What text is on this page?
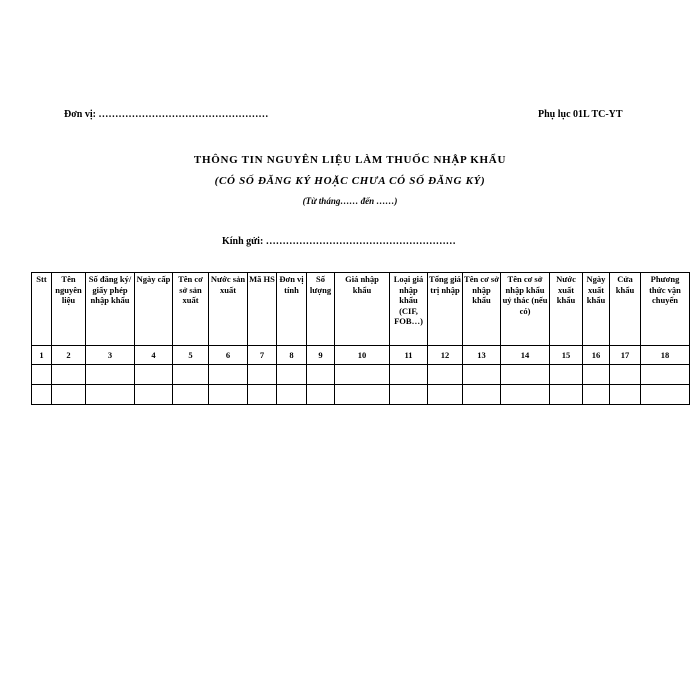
Đơn vị: ……………………………………………	Phụ lục 01L TC-YT
THÔNG TIN NGUYÊN LIỆU LÀM THUỐC NHẬP KHẨU
(CÓ SỐ ĐĂNG KÝ HOẶC CHƯA CÓ SỐ ĐĂNG KÝ)
(Từ tháng…… đến ……)
Kính gửi: …………………………………………………
Stt	Tên nguyên liệu	Số đăng ký/ giấy phép nhập khẩu	Ngày cấp	Tên cơ sở sản xuất	Nước sản xuất	Mã HS	Đơn vị tính	Số lượng	Giá nhập khẩu	Loại giá nhập khẩu (CIF, FOB…)	Tổng giá trị nhập	Tên cơ sở nhập khẩu	Tên cơ sở nhập khẩu uỷ thác (nếu có)	Nước xuất khẩu	Ngày xuất khẩu	Cửa khẩu	Phương thức vận chuyển
1	2	3	4	5	6	7	8	9	10	11	12	13	14	15	16	17	18
